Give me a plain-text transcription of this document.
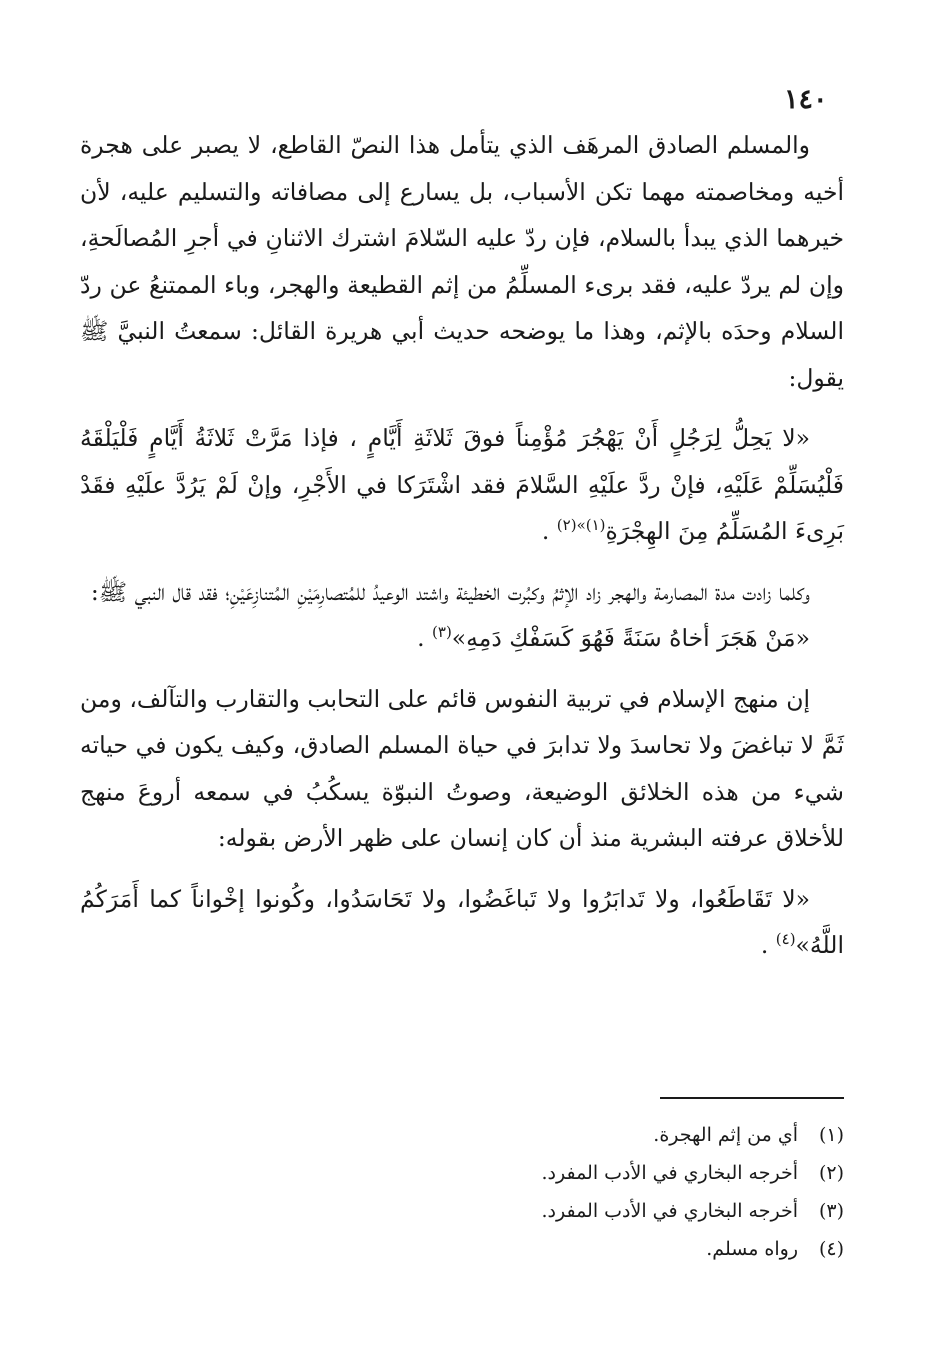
١٤٠

والمسلم الصادق المرهَف الذي يتأمل هذا النصّ القاطع، لا يصبر على هجرة أخيه ومخاصمته مهما تكن الأسباب، بل يسارع إلى مصافاته والتسليم عليه، لأن خيرهما الذي يبدأ بالسلام، فإن ردّ عليه السّلامَ اشترك الاثنانِ في أجرِ المُصالَحةِ، وإن لم يردّ عليه، فقد برىء المسلِّمُ من إثم القطيعة والهجر، وباء الممتنعُ عن ردّ السلام وحدَه بالإثم، وهذا ما يوضحه حديث أبي هريرة القائل: سمعتُ النبيَّ ﷺ يقول:

«لا يَحِلُّ لِرَجُلٍ أَنْ يَهْجُرَ مُؤْمِناً فوقَ ثَلاثَةِ أَيَّامٍ ، فإذا مَرَّتْ ثَلاثَةُ أَيَّامٍ فَلْيَلْقَهُ فَلْيُسَلِّمْ عَلَيْهِ، فإنْ ردَّ علَيْهِ السَّلامَ فقد اشْتَرَكا في الأَجْرِ، وإنْ لَمْ يَرُدَّ علَيْهِ فقَدْ بَرِىءَ المُسَلِّمُ مِنَ الهِجْرَةِ$^{(١)»(٢)}$ .

وكلما زادت مدة المصارمة والهجر زاد الإثمُ وكبُرت الخطيئة واشتد الوعيدُ للمُتصارِمَيْنِ المُتنازِعَيْنِ؛ فقد قال النبي ﷺ:

«مَنْ هَجَرَ أخاهُ سَنَةً فَهُوَ كَسَفْكِ دَمِهِ»$^{(٣)}$ .

إن منهج الإسلام في تربية النفوس قائم على التحابب والتقارب والتآلف، ومن ثَمَّ لا تباغضَ ولا تحاسدَ ولا تدابرَ في حياة المسلم الصادق، وكيف يكون في حياته شيء من هذه الخلائق الوضيعة، وصوتُ النبوّة يسكُبُ في سمعه أروعَ منهج للأخلاق عرفته البشرية منذ أن كان إنسان على ظهر الأرض بقوله:

«لا تَقَاطَعُوا، ولا تَدابَرُوا ولا تَباغَضُوا، ولا تَحَاسَدُوا، وكُونوا إخْواناً كما أَمَرَكُمُ اللَّهُ»$^{(٤)}$ .

(١)أي من إثم الهجرة.

(٢)أخرجه البخاري في الأدب المفرد.

(٣)أخرجه البخاري في الأدب المفرد.

(٤)رواه مسلم.
